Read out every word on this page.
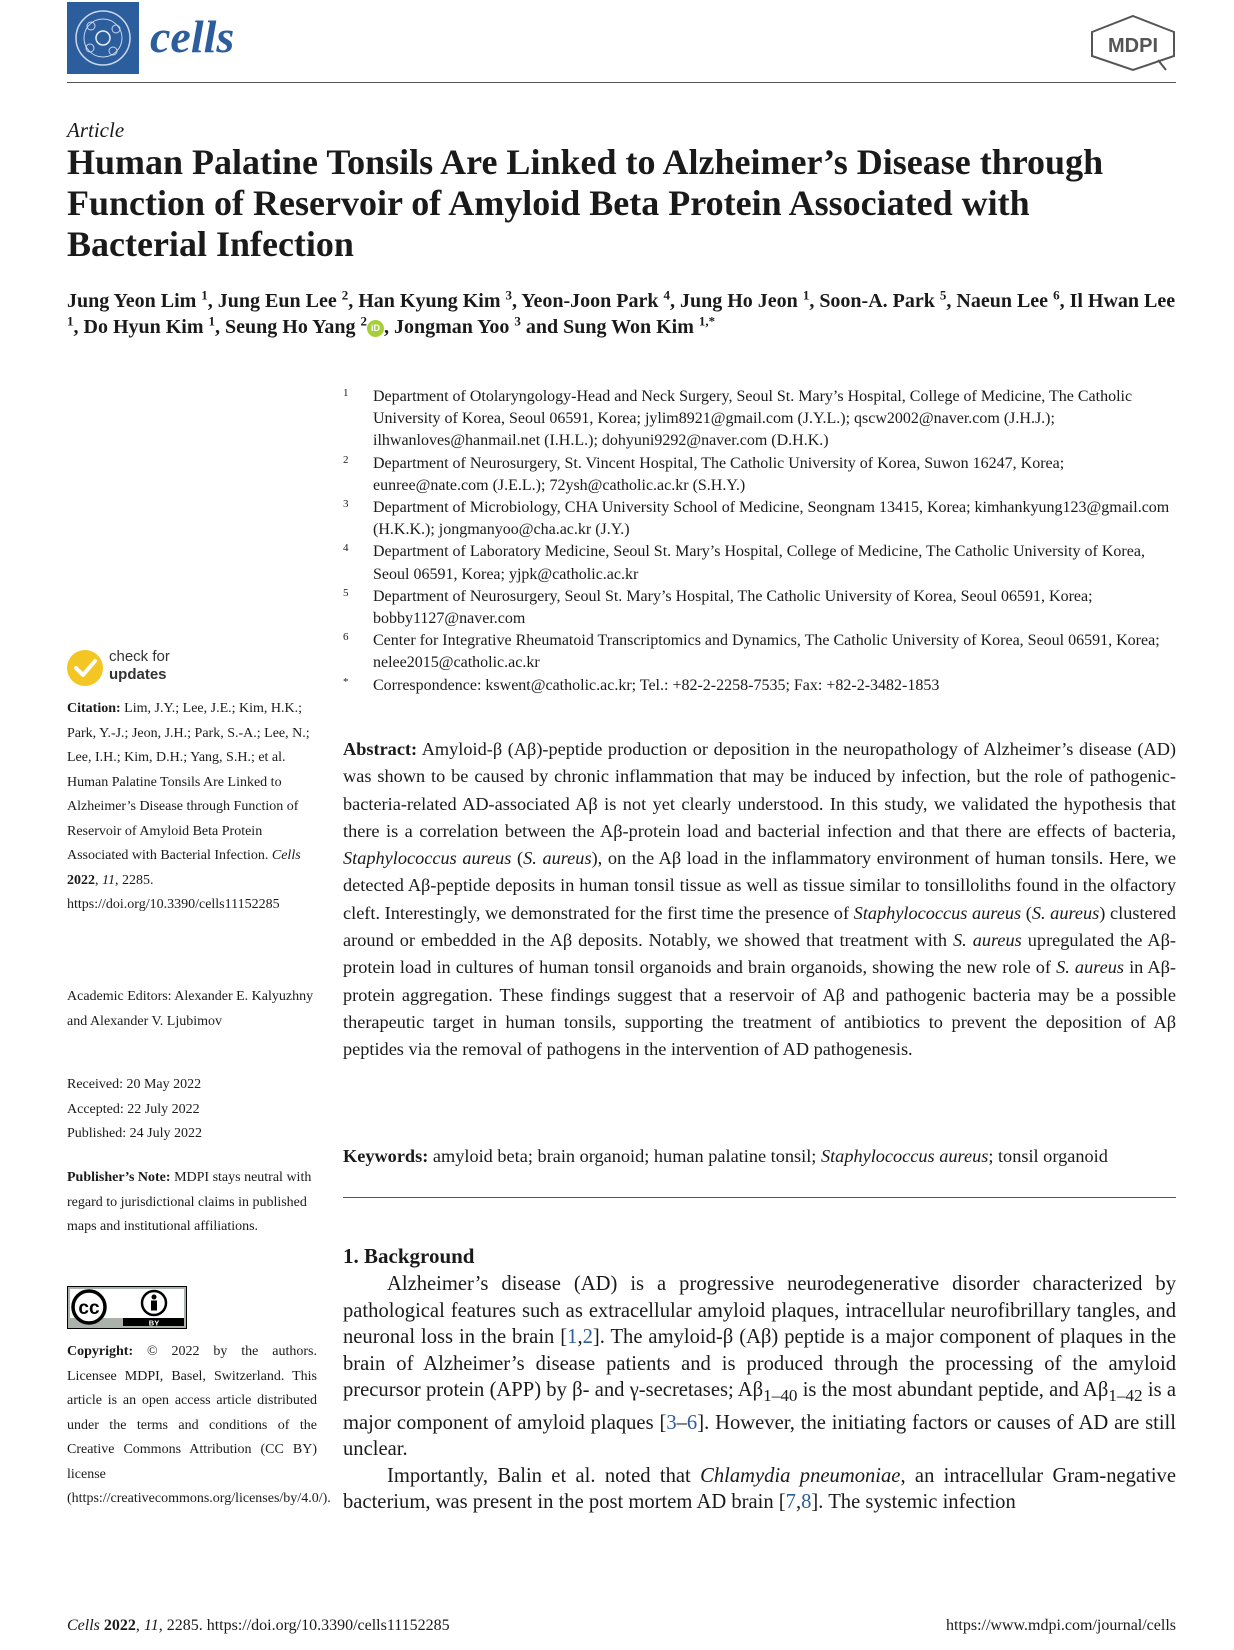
cells	MDPI
Article
Human Palatine Tonsils Are Linked to Alzheimer’s Disease through Function of Reservoir of Amyloid Beta Protein Associated with Bacterial Infection
Jung Yeon Lim $^1$, Jung Eun Lee $^2$, Han Kyung Kim $^3$, Yeon-Joon Park $^4$, Jung Ho Jeon $^1$, Soon-A. Park $^5$, Naeun Lee $^6$, Il Hwan Lee $^1$, Do Hyun Kim $^1$, Seung Ho Yang $^2$ iD , Jongman Yoo $^3$ and Sung Won Kim $^{1,*}$
1 Department of Otolaryngology-Head and Neck Surgery, Seoul St. Mary’s Hospital, College of Medicine, The Catholic University of Korea, Seoul 06591, Korea; jylim8921@gmail.com (J.Y.L.); qscw2002@naver.com (J.H.J.); ilhwanloves@hanmail.net (I.H.L.); dohyuni9292@naver.com (D.H.K.)
2 Department of Neurosurgery, St. Vincent Hospital, The Catholic University of Korea, Suwon 16247, Korea; eunree@nate.com (J.E.L.); 72ysh@catholic.ac.kr (S.H.Y.)
3 Department of Microbiology, CHA University School of Medicine, Seongnam 13415, Korea; kimhankyung123@gmail.com (H.K.K.); jongmanyoo@cha.ac.kr (J.Y.)
4 Department of Laboratory Medicine, Seoul St. Mary’s Hospital, College of Medicine, The Catholic University of Korea, Seoul 06591, Korea; yjpk@catholic.ac.kr
5 Department of Neurosurgery, Seoul St. Mary’s Hospital, The Catholic University of Korea, Seoul 06591, Korea; bobby1127@naver.com
6 Center for Integrative Rheumatoid Transcriptomics and Dynamics, The Catholic University of Korea, Seoul 06591, Korea; nelee2015@catholic.ac.kr
* Correspondence: kswent@catholic.ac.kr; Tel.: +82-2-2258-7535; Fax: +82-2-3482-1853
check for
updates
Citation: Lim, J.Y.; Lee, J.E.; Kim, H.K.; Park, Y.-J.; Jeon, J.H.; Park, S.-A.; Lee, N.; Lee, I.H.; Kim, D.H.; Yang, S.H.; et al. Human Palatine Tonsils Are Linked to Alzheimer’s Disease through Function of Reservoir of Amyloid Beta Protein Associated with Bacterial Infection. Cells 2022, 11, 2285. https://doi.org/10.3390/cells11152285
Academic Editors: Alexander E. Kalyuzhny and Alexander V. Ljubimov
Received: 20 May 2022
Accepted: 22 July 2022
Published: 24 July 2022
Publisher’s Note: MDPI stays neutral with regard to jurisdictional claims in published maps and institutional affiliations.
cc
BY
Copyright: © 2022 by the authors. Licensee MDPI, Basel, Switzerland. This article is an open access article distributed under the terms and conditions of the Creative Commons Attribution (CC BY) license (https://creativecommons.org/licenses/by/4.0/).
Abstract: Amyloid-β (Aβ)-peptide production or deposition in the neuropathology of Alzheimer’s disease (AD) was shown to be caused by chronic inflammation that may be induced by infection, but the role of pathogenic-bacteria-related AD-associated Aβ is not yet clearly understood. In this study, we validated the hypothesis that there is a correlation between the Aβ-protein load and bacterial infection and that there are effects of bacteria, Staphylococcus aureus (S. aureus), on the Aβ load in the inflammatory environment of human tonsils. Here, we detected Aβ-peptide deposits in human tonsil tissue as well as tissue similar to tonsilloliths found in the olfactory cleft. Interestingly, we demonstrated for the first time the presence of Staphylococcus aureus (S. aureus) clustered around or embedded in the Aβ deposits. Notably, we showed that treatment with S. aureus upregulated the Aβ-protein load in cultures of human tonsil organoids and brain organoids, showing the new role of S. aureus in Aβ-protein aggregation. These findings suggest that a reservoir of Aβ and pathogenic bacteria may be a possible therapeutic target in human tonsils, supporting the treatment of antibiotics to prevent the deposition of Aβ peptides via the removal of pathogens in the intervention of AD pathogenesis.
Keywords: amyloid beta; brain organoid; human palatine tonsil; Staphylococcus aureus; tonsil organoid
1. Background

Alzheimer’s disease (AD) is a progressive neurodegenerative disorder characterized by pathological features such as extracellular amyloid plaques, intracellular neurofibrillary tangles, and neuronal loss in the brain [1,2]. The amyloid-β (Aβ) peptide is a major component of plaques in the brain of Alzheimer’s disease patients and is produced through the processing of the amyloid precursor protein (APP) by β- and γ-secretases; $A\beta_{1-40}$ is the most abundant peptide, and $A\beta_{1-42}$ is a major component of amyloid plaques [3–6]. However, the initiating factors or causes of AD are still unclear.

Importantly, Balin et al. noted that Chlamydia pneumoniae, an intracellular Gram-negative bacterium, was present in the post mortem AD brain [7,8]. The systemic infection

Cells 2022, 11, 2285. https://doi.org/10.3390/cells11152285	https://www.mdpi.com/journal/cells
